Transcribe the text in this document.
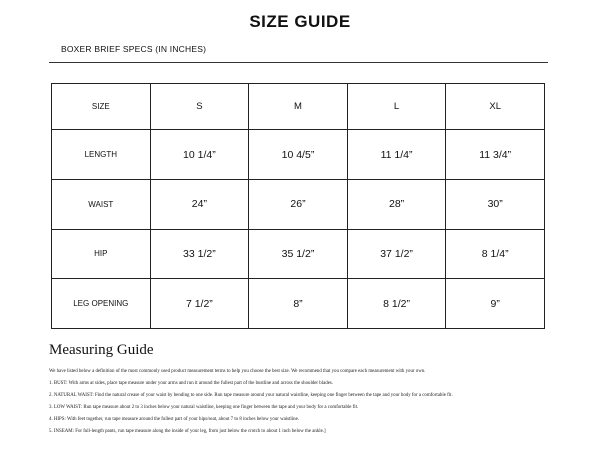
SIZE GUIDE
BOXER BRIEF SPECS (IN INCHES)
SIZE	S	M	L	XL
LENGTH	10 1/4”	10 4/5”	11 1/4”	11 3/4”
WAIST	24”	26”	28”	30”
HIP	33 1/2”	35 1/2”	37 1/2”	8 1/4”
LEG OPENING	7 1/2”	8”	8 1/2”	9”
Measuring Guide

We have listed below a definition of the most commonly used product measurement terms to help you choose the best size. We recommend that you compare each measurement with your own.

1. BUST: With arms at sides, place tape measure under your arms and run it around the fullest part of the bustline and across the shoulder blades.

2. NATURAL WAIST: Find the natural crease of your waist by bending to one side. Run tape measure around your natural waistline, keeping one finger between the tape and your body for a comfortable fit.

3. LOW WAIST: Run tape measure about 2 to 3 inches below your natural waistline, keeping one finger between the tape and your body for a comfortable fit.

4. HIPS: With feet together, run tape measure around the fullest part of your hips/seat, about 7 to 8 inches below your waistline.

5. INSEAM: For full-length pants, run tape measure along the inside of your leg, from just below the crotch to about 1 inch below the ankle.]
